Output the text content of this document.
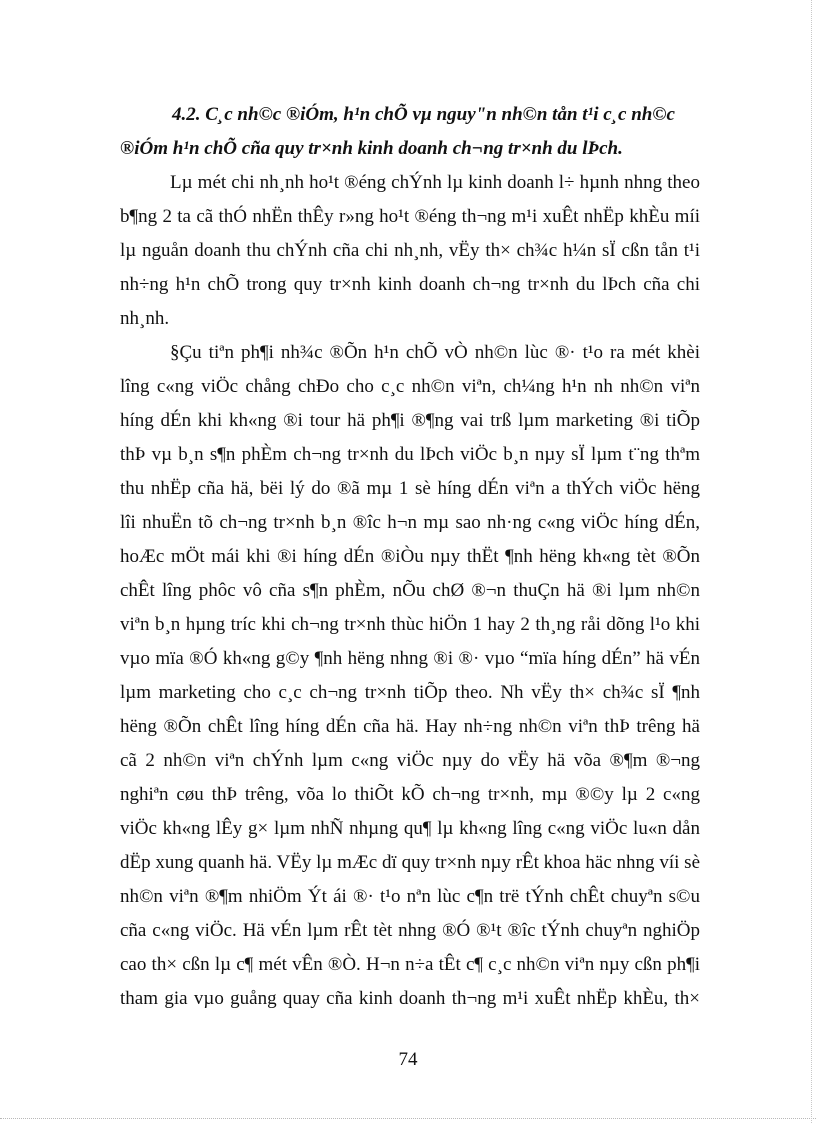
4.2. C¸c nh©c ®iÓm, h¹n chÕ vµ nguy"n nh©n tån t¹i c¸c nh©c
®iÓm h¹n chÕ cña quy tr×nh kinh doanh ch¬ng tr×nh du lÞch.
Lµ mét chi nh¸nh ho¹t ®éng chÝnh lµ kinh doanh l÷ hµnh nhng theo
b¶ng 2 ta cã thÓ nhËn thÊy r»ng ho¹t ®éng th¬ng m¹i xuÊt nhËp khÈu míi
lµ nguån doanh thu chÝnh cña chi nh¸nh, vËy th× ch¾c h¼n sÏ cßn tån t¹i
nh÷ng h¹n chÕ trong quy tr×nh kinh doanh ch¬ng tr×nh du lÞch cña chi
nh¸nh.
§Çu tiªn ph¶i nh¾c ®Õn h¹n chÕ vÒ nh©n lùc ®· t¹o ra mét khèi
lîng c«ng viÖc chång chÐo cho c¸c nh©n viªn, ch¼ng h¹n nh nh©n viªn
híng dÉn khi kh«ng ®i tour hä ph¶i ®¶ng vai trß lµm marketing ®i tiÕp
thÞ vµ b¸n s¶n phÈm ch¬ng tr×nh du lÞch viÖc b¸n nµy sÏ lµm t¨ng thªm
thu nhËp cña hä, bëi lý do ®ã mµ 1 sè híng dÉn viªn a thÝch viÖc hëng
lîi nhuËn tõ ch¬ng tr×nh b¸n ®îc h¬n mµ sao nh·ng c«ng viÖc híng dÉn,
hoÆc mÖt mái khi ®i híng dÉn ®iÒu nµy thËt ¶nh hëng kh«ng tèt ®Õn
chÊt lîng phôc vô cña s¶n phÈm, nÕu chØ ®¬n thuÇn hä ®i lµm nh©n
viªn b¸n hµng tríc khi ch¬ng tr×nh thùc hiÖn 1 hay 2 th¸ng råi dõng l¹o khi
vµo mïa ®Ó kh«ng g©y ¶nh hëng nhng ®i ®· vµo “mïa híng dÉn” hä vÉn
lµm marketing cho c¸c ch¬ng tr×nh tiÕp theo. Nh vËy th× ch¾c sÏ ¶nh
hëng ®Õn chÊt lîng híng dÉn cña hä. Hay nh÷ng nh©n viªn thÞ trêng hä
cã 2 nh©n viªn chÝnh lµm c«ng viÖc nµy do vËy hä võa ®¶m ®¬ng
nghiªn cøu thÞ trêng, võa lo thiÕt kÕ ch¬ng tr×nh, mµ ®©y lµ 2 c«ng
viÖc kh«ng lÊy g× lµm nhÑ nhµng qu¶ lµ kh«ng lîng c«ng viÖc lu«n dån
dËp xung quanh hä. VËy lµ mÆc dï quy tr×nh nµy rÊt khoa häc nhng víi sè
nh©n viªn ®¶m nhiÖm Ýt ái ®· t¹o nªn lùc c¶n trë tÝnh chÊt chuyªn s©u
cña c«ng viÖc. Hä vÉn lµm rÊt tèt nhng ®Ó ®¹t ®îc tÝnh chuyªn nghiÖp
cao th× cßn lµ c¶ mét vÊn ®Ò. H¬n n÷a tÊt c¶ c¸c nh©n viªn nµy cßn ph¶i
tham gia vµo guång quay cña kinh doanh th¬ng m¹i xuÊt nhËp khÈu, th×
74
